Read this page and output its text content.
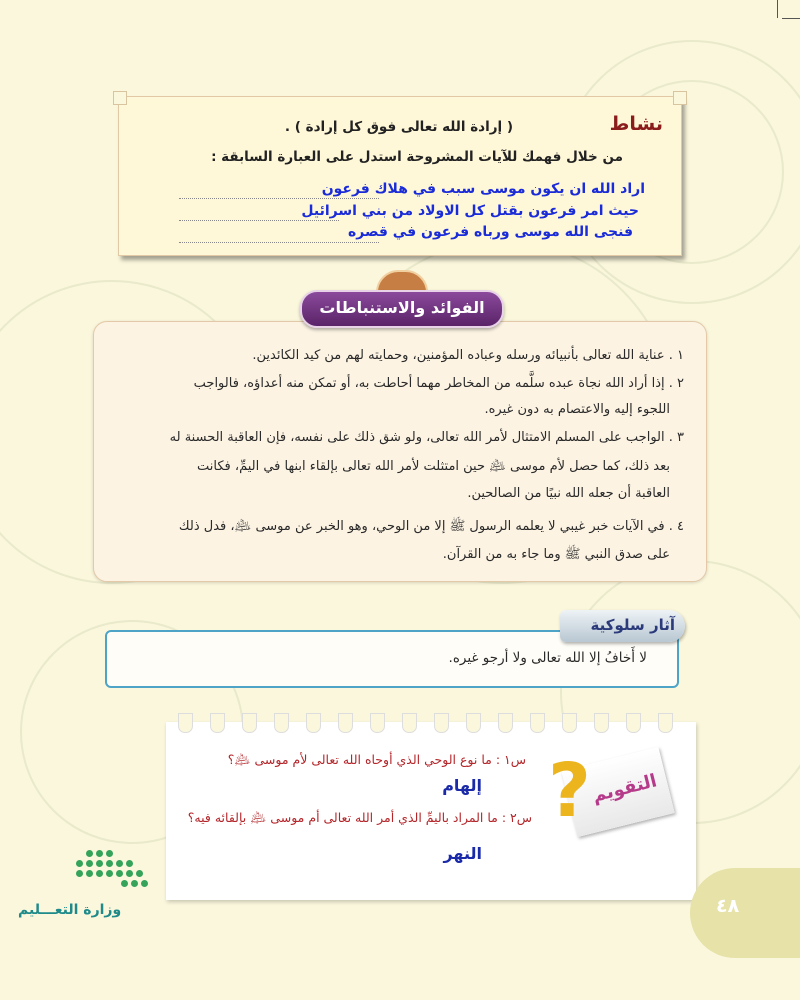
نشاط
( إرادة الله تعالى فوق كل إرادة ) .
من خلال فهمك للآيات المشروحة استدل على العبارة السابقة :
اراد الله ان يكون موسى سبب في هلاك فرعون
حيث امر فرعون بقتل كل الاولاد من بني اسرائيل
فنجى الله موسى ورباه فرعون في قصره
١ . عناية الله تعالى بأنبيائه ورسله وعباده المؤمنين، وحمايته لهم من كيد الكائدين.
٢ . إذا أراد الله نجاة عبده سلَّمه من المخاطر مهما أحاطت به، أو تمكن منه أعداؤه، فالواجب
اللجوء إليه والاعتصام به دون غيره.
٣ . الواجب على المسلم الامتثال لأمر الله تعالى، ولو شق ذلك على نفسه، فإن العاقبة الحسنة له
بعد ذلك، كما حصل لأم موسى ﵇ حين امتثلت لأمر الله تعالى بإلقاء ابنها في اليمِّ، فكانت
العاقبة أن جعله الله نبيًا من الصالحين.
٤ . في الآيات خبر غيبي لا يعلمه الرسول ﷺ إلا من الوحي، وهو الخبر عن موسى ﵇، فدل ذلك
على صدق النبي ﷺ وما جاء به من القرآن.
الفوائد والاستنباطات
لا أَخافُ إلا الله تعالى ولا أرجو غيره.
آثار سلوكية
س١ : ما نوع الوحي الذي أوحاه الله تعالى لأم موسى ﵇؟
إلهام
س٢ : ما المراد باليمِّ الذي أمر الله تعالى أم موسى ﵇ بإلقائه فيه؟
النهر
? التقويم
٤٨
وزارة التعـــليم
